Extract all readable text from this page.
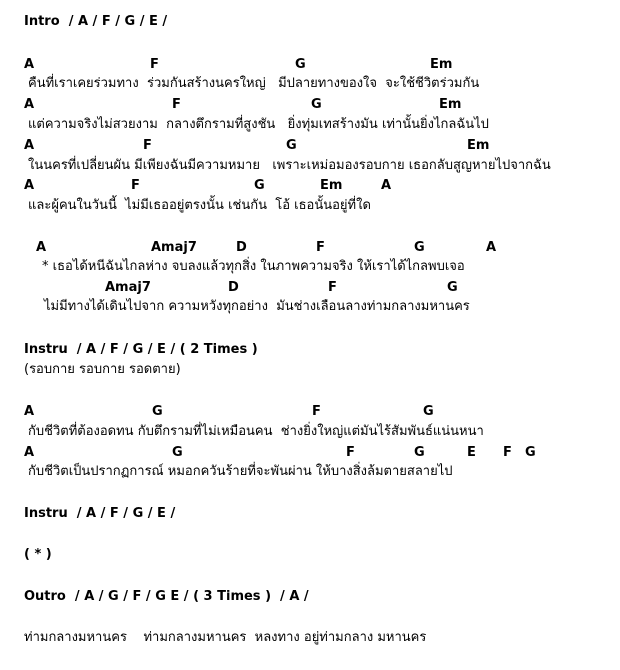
Intro  / A / F / G / E /
A	F	G	Em
คืนที่เราเคยร่วมทาง  ร่วมกันสร้างนครใหญ่   มีปลายทางของใจ  จะใช้ชีวิตร่วมกัน
A	F	G	Em
แต่ความจริงไม่สวยงาม  กลางตึกรามที่สูงชัน   ยิ่งทุ่มเทสร้างมัน เท่านั้นยิ่งไกลฉันไป
A	F	G	Em
ในนครที่เปลี่ยนผัน มีเพียงฉันมีความหมาย   เพราะเหม่อมองรอบกาย เธอกลับสูญหายไปจากฉัน
A	F	G	Em	A
และผู้คนในวันนี้  ไม่มีเธออยู่ตรงนั้น เช่นกัน  โอ้ เธอนั้นอยู่ที่ใด
A	Amaj7	D	F	G	A
* เธอได้หนีฉันไกลห่าง จบลงแล้วทุกสิ่ง ในภาพความจริง ให้เราได้ไกลพบเจอ
Amaj7	D	F	G
ไม่มีทางได้เดินไปจาก ความหวังทุกอย่าง  มันช่างเลือนลางท่ามกลางมหานคร
Instru  / A / F / G / E / ( 2 Times )
(รอบกาย รอบกาย รอดตาย)
A	G	F	G
กับชีวิตที่ต้องอดทน กับตึกรามที่ไม่เหมือนคน  ช่างยิ่งใหญ่แต่มันไร้สัมพันธ์แน่นหนา
A	G	F	G	E F G
กับชีวิตเป็นปรากฏการณ์ หมอกควันร้ายที่จะพันผ่าน ให้บางสิ่งล้มตายสลายไป
Instru  / A / F / G / E /
( * )
Outro  / A / G / F / G E / ( 3 Times )  / A /
ท่ามกลางมหานคร    ท่ามกลางมหานคร  หลงทาง อยู่ท่ามกลาง มหานคร
